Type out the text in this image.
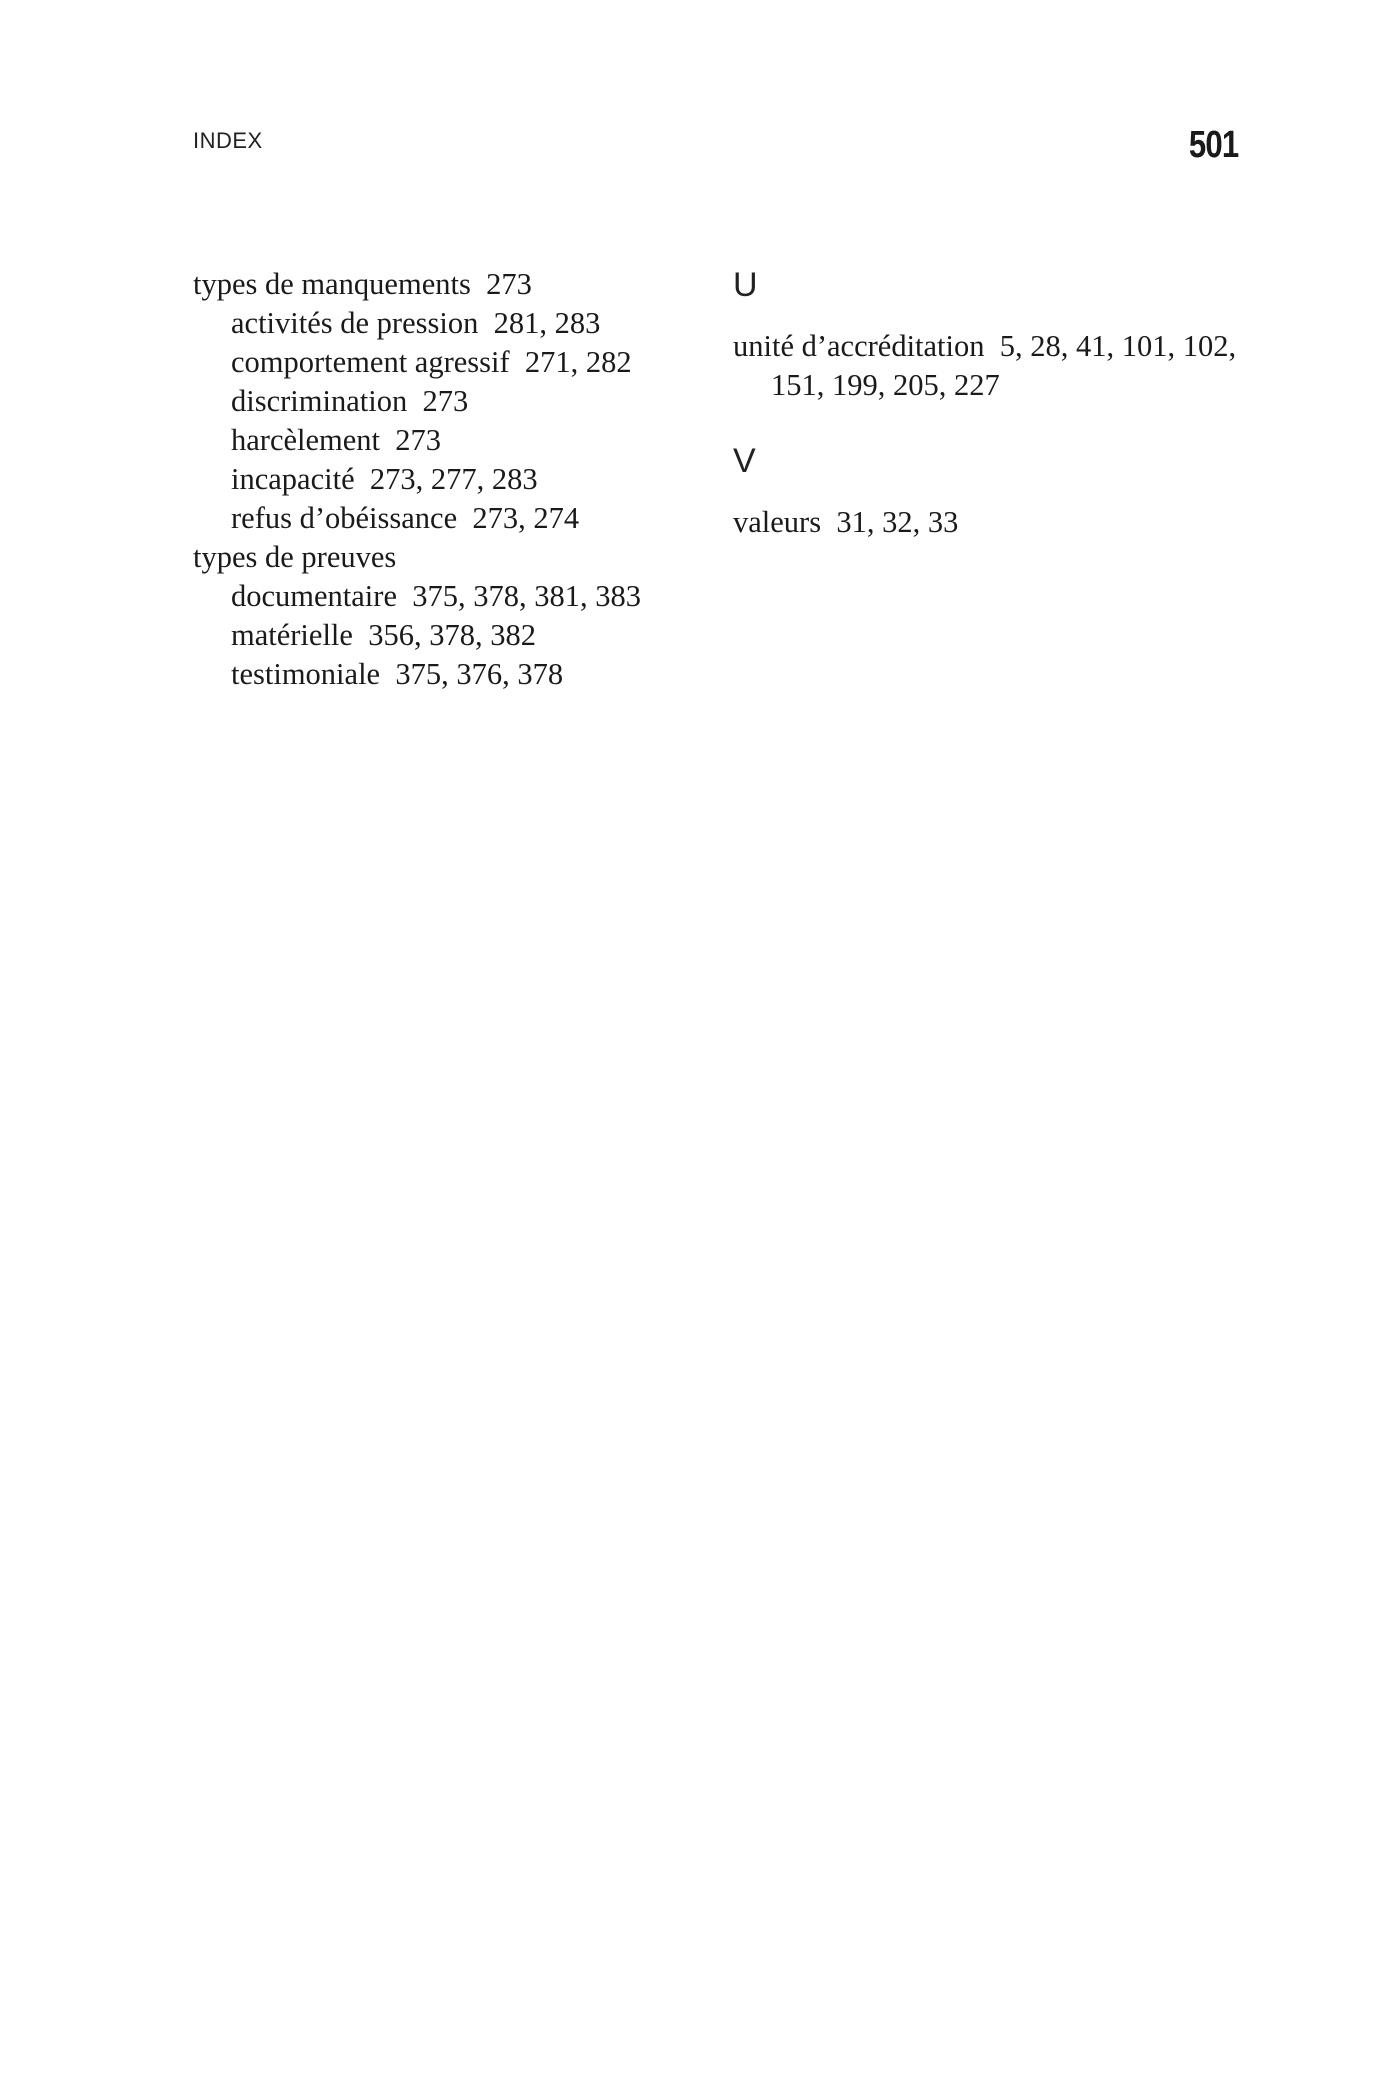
INDEX	501

types de manquements 273

activités de pression 281, 283

comportement agressif 271, 282

discrimination 273

harcèlement 273

incapacité 273, 277, 283

refus d’obéissance 273, 274

types de preuves

documentaire 375, 378, 381, 383

matérielle 356, 378, 382

testimoniale 375, 376, 378

U

unité d’accréditation 5, 28, 41, 101, 102, 151, 199, 205, 227

V

valeurs 31, 32, 33
